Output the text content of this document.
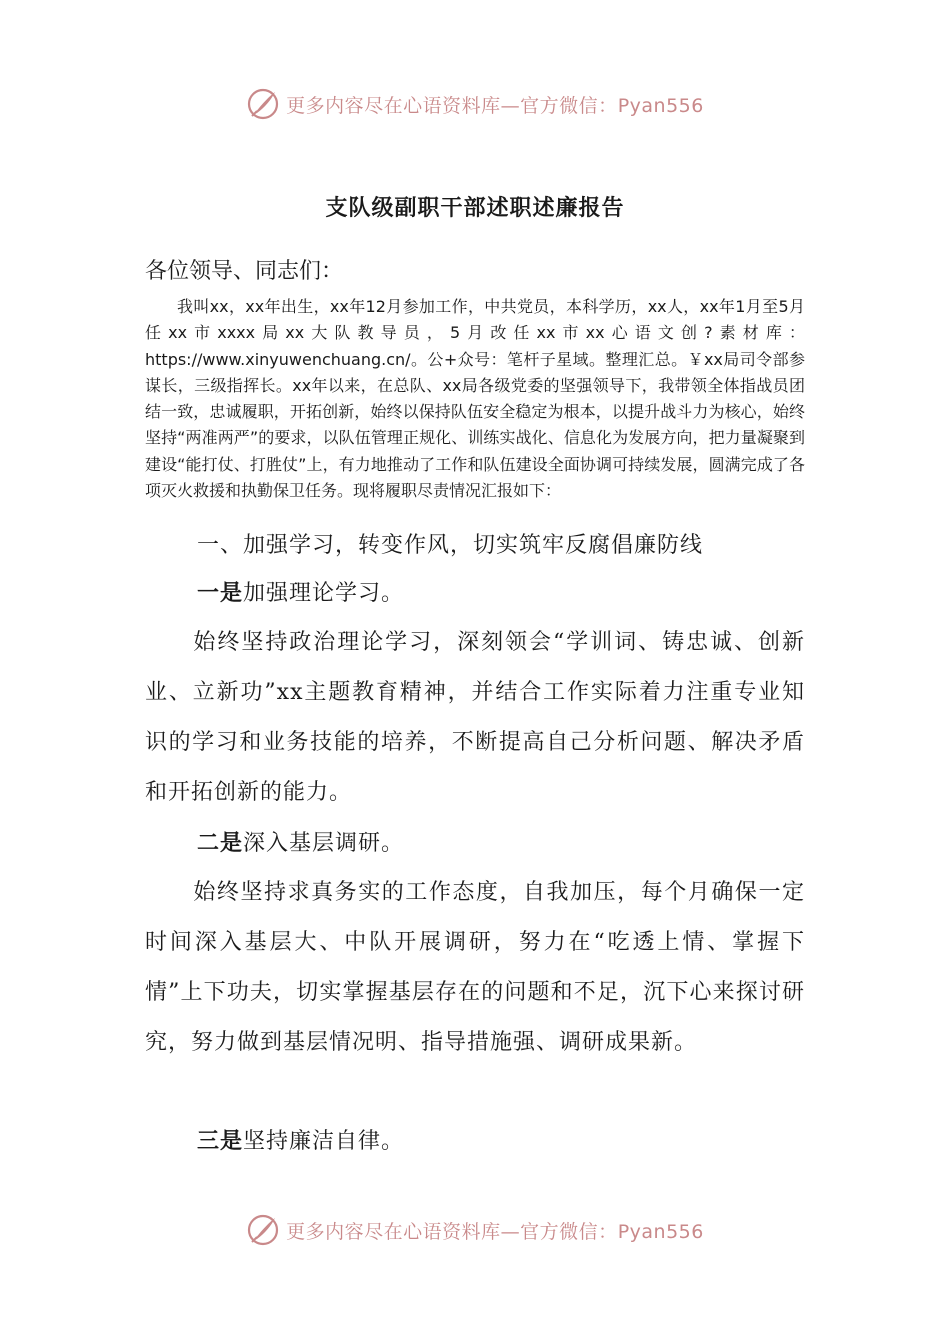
更多内容尽在心语资料库—官方微信：Pyan556
支队级副职干部述职述廉报告
各位领导、同志们：

我叫xx，xx年出生，xx年12月参加工作，中共党员，本科学历，xx人，xx年1月至5月任xx市xxxx局xx大队教导员，5月改任xx市xx心语文创?素材库：https://www.xinyuwenchuang.cn/。公+众号：笔杆子星域。整理汇总。￥xx局司令部参谋长，三级指挥长。xx年以来，在总队、xx局各级党委的坚强领导下，我带领全体指战员团结一致，忠诚履职，开拓创新，始终以保持队伍安全稳定为根本，以提升战斗力为核心，始终坚持“两准两严”的要求，以队伍管理正规化、训练实战化、信息化为发展方向，把力量凝聚到建设“能打仗、打胜仗”上，有力地推动了工作和队伍建设全面协调可持续发展，圆满完成了各项灭火救援和执勤保卫任务。现将履职尽责情况汇报如下：

一、加强学习，转变作风，切实筑牢反腐倡廉防线

一是加强理论学习。

始终坚持政治理论学习，深刻领会“学训词、铸忠诚、创新业、立新功”xx主题教育精神，并结合工作实际着力注重专业知识的学习和业务技能的培养，不断提高自己分析问题、解决矛盾和开拓创新的能力。

二是深入基层调研。

始终坚持求真务实的工作态度，自我加压，每个月确保一定时间深入基层大、中队开展调研，努力在“吃透上情、掌握下情”上下功夫，切实掌握基层存在的问题和不足，沉下心来探讨研究，努力做到基层情况明、指导措施强、调研成果新。

三是坚持廉洁自律。

更多内容尽在心语资料库—官方微信：Pyan556
